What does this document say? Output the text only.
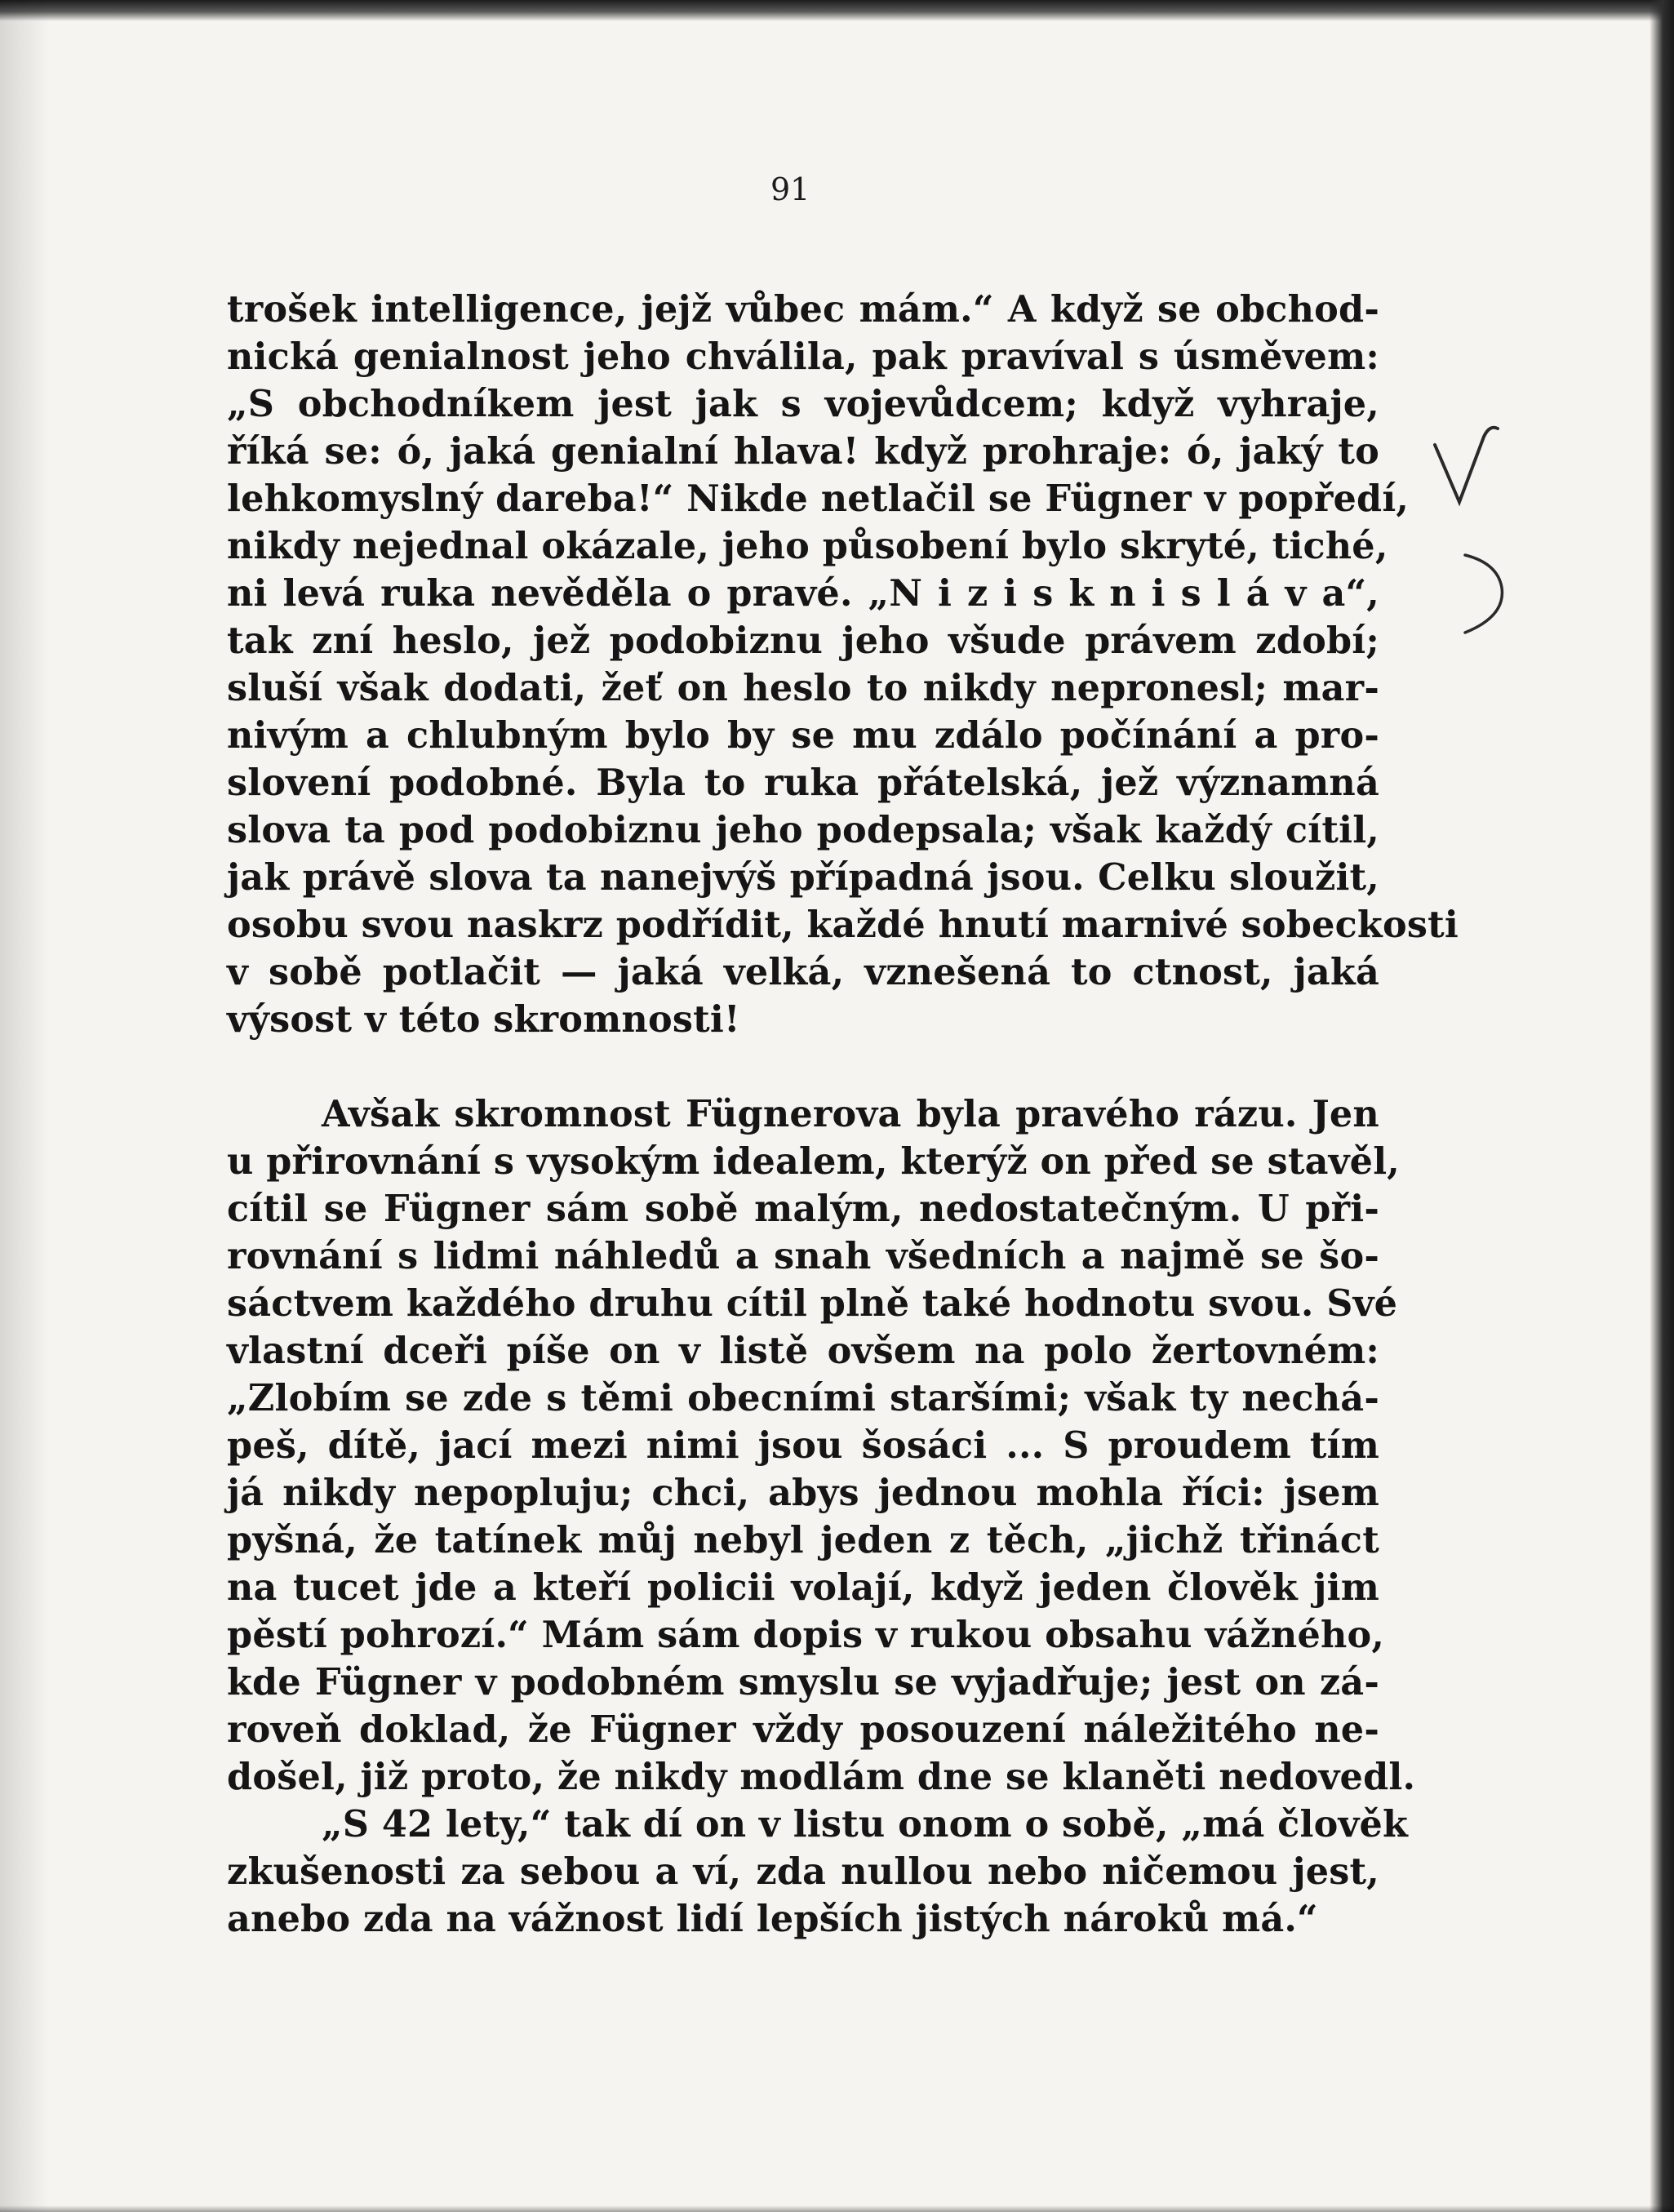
91
trošek intelligence, jejž vůbec mám.“ A když se obchod-
nická genialnost jeho chválila, pak pravíval s úsměvem:
„S obchodníkem jest jak s vojevůdcem; když vyhraje,
říká se: ó, jaká genialní hlava! když prohraje: ó, jaký to
lehkomyslný dareba!“ Nikde netlačil se Fügner v popředí,
nikdy nejednal okázale, jeho působení bylo skryté, tiché,
ni levá ruka nevěděla o pravé. „N i z i s k n i s l á v a“,
tak zní heslo, jež podobiznu jeho všude právem zdobí;
sluší však dodati, žeť on heslo to nikdy nepronesl; mar-
nivým a chlubným bylo by se mu zdálo počínání a pro-
slovení podobné. Byla to ruka přátelská, jež významná
slova ta pod podobiznu jeho podepsala; však každý cítil,
jak právě slova ta nanejvýš případná jsou. Celku sloužit,
osobu svou naskrz podřídit, každé hnutí marnivé sobeckosti
v sobě potlačit — jaká velká, vznešená to ctnost, jaká
výsost v této skromnosti!
Avšak skromnost Fügnerova byla pravého rázu. Jen
u přirovnání s vysokým idealem, kterýž on před se stavěl,
cítil se Fügner sám sobě malým, nedostatečným. U při-
rovnání s lidmi náhledů a snah všedních a najmě se šo-
sáctvem každého druhu cítil plně také hodnotu svou. Své
vlastní dceři píše on v listě ovšem na polo žertovném:
„Zlobím se zde s těmi obecními staršími; však ty nechá-
peš, dítě, jací mezi nimi jsou šosáci ... S proudem tím
já nikdy nepopluju; chci, abys jednou mohla říci: jsem
pyšná, že tatínek můj nebyl jeden z těch, „jichž třináct
na tucet jde a kteří policii volají, když jeden člověk jim
pěstí pohrozí.“ Mám sám dopis v rukou obsahu vážného,
kde Fügner v podobném smyslu se vyjadřuje; jest on zá-
roveň doklad, že Fügner vždy posouzení náležitého ne-
došel, již proto, že nikdy modlám dne se klaněti nedovedl.
„S 42 lety,“ tak dí on v listu onom o sobě, „má člověk
zkušenosti za sebou a ví, zda nullou nebo ničemou jest,
anebo zda na vážnost lidí lepších jistých nároků má.“
